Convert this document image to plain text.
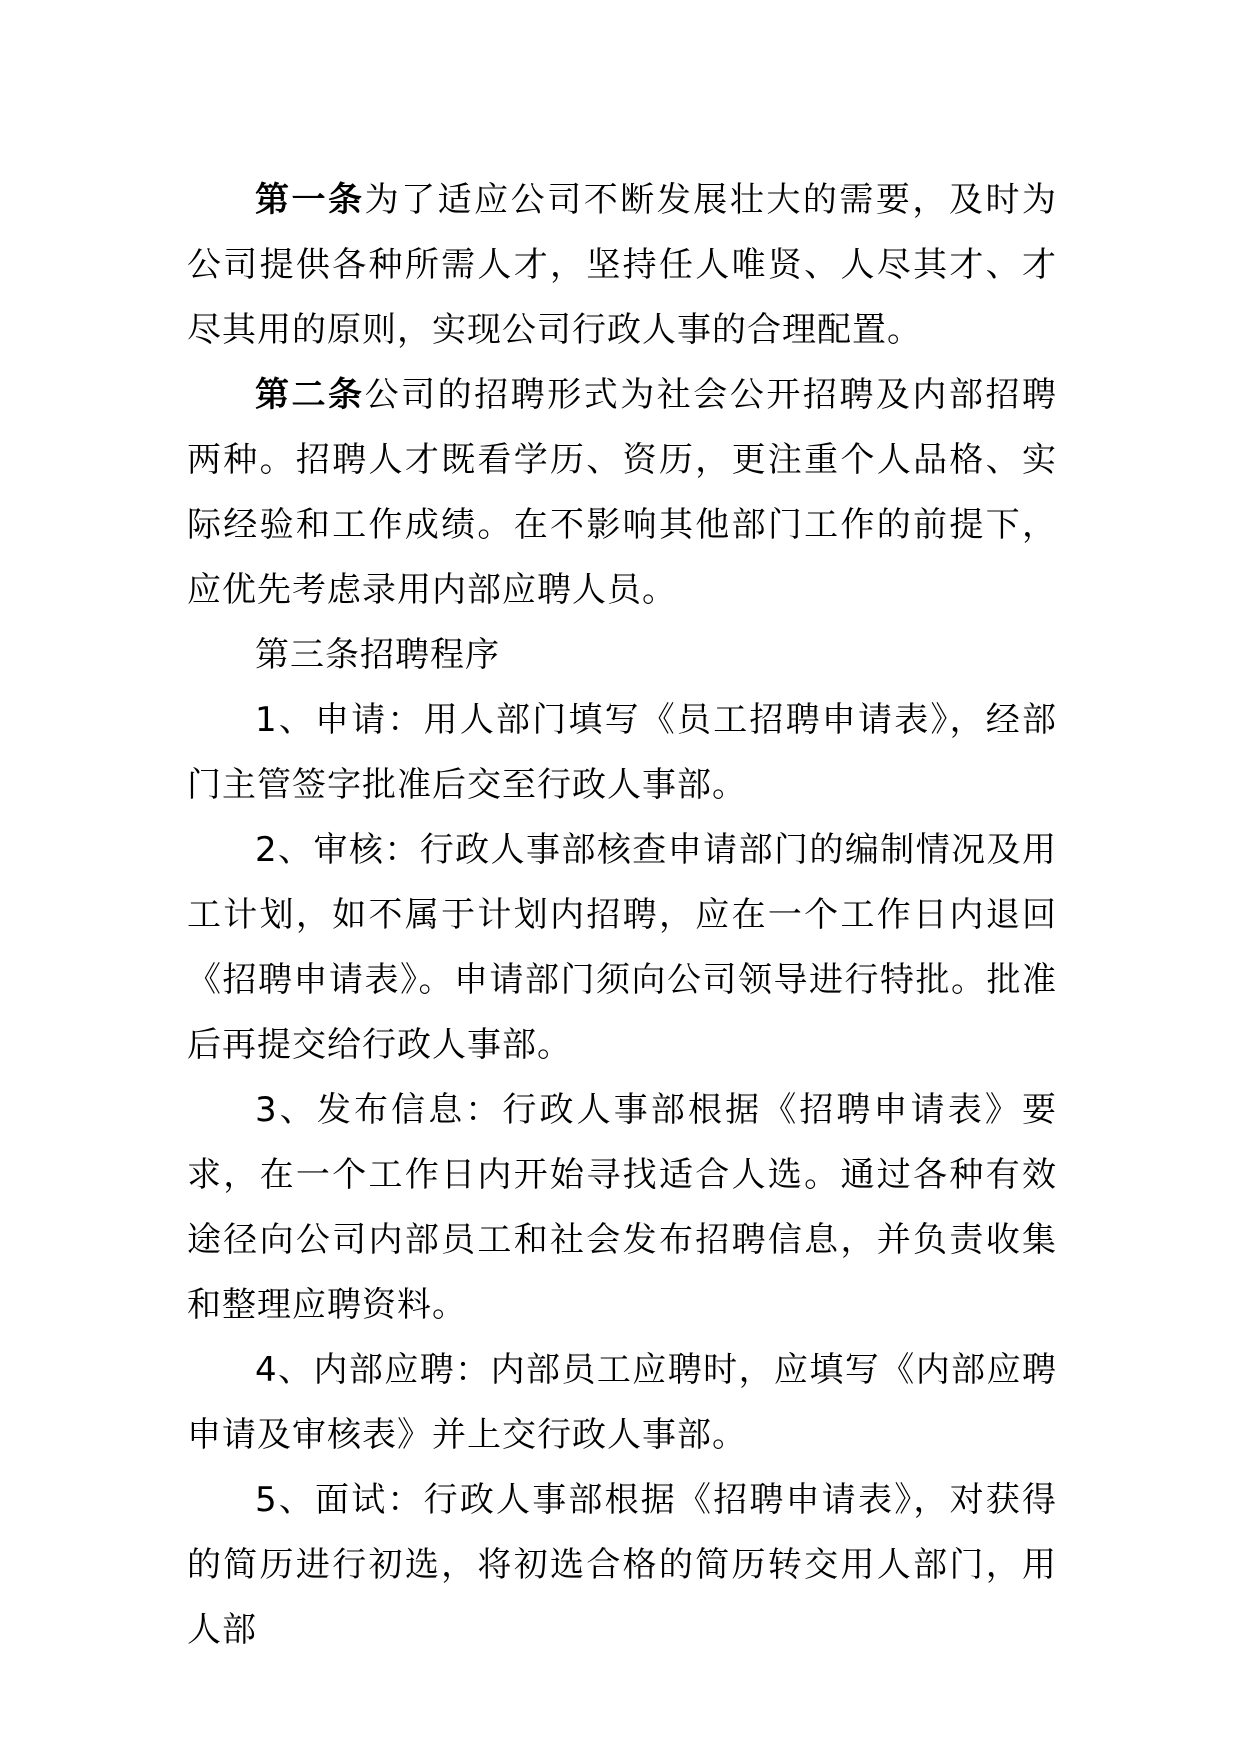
第一条为了适应公司不断发展壮大的需要，及时为公司提供各种所需人才，坚持任人唯贤、人尽其才、才尽其用的原则，实现公司行政人事的合理配置。

第二条公司的招聘形式为社会公开招聘及内部招聘两种。招聘人才既看学历、资历，更注重个人品格、实际经验和工作成绩。在不影响其他部门工作的前提下，应优先考虑录用内部应聘人员。

第三条招聘程序

1、申请：用人部门填写《员工招聘申请表》，经部门主管签字批准后交至行政人事部。

2、审核：行政人事部核查申请部门的编制情况及用工计划，如不属于计划内招聘，应在一个工作日内退回《招聘申请表》。申请部门须向公司领导进行特批。批准后再提交给行政人事部。

3、发布信息：行政人事部根据《招聘申请表》要求，在一个工作日内开始寻找适合人选。通过各种有效途径向公司内部员工和社会发布招聘信息，并负责收集和整理应聘资料。

4、内部应聘：内部员工应聘时，应填写《内部应聘申请及审核表》并上交行政人事部。

5、面试：行政人事部根据《招聘申请表》，对获得的简历进行初选，将初选合格的简历转交用人部门，用人部
